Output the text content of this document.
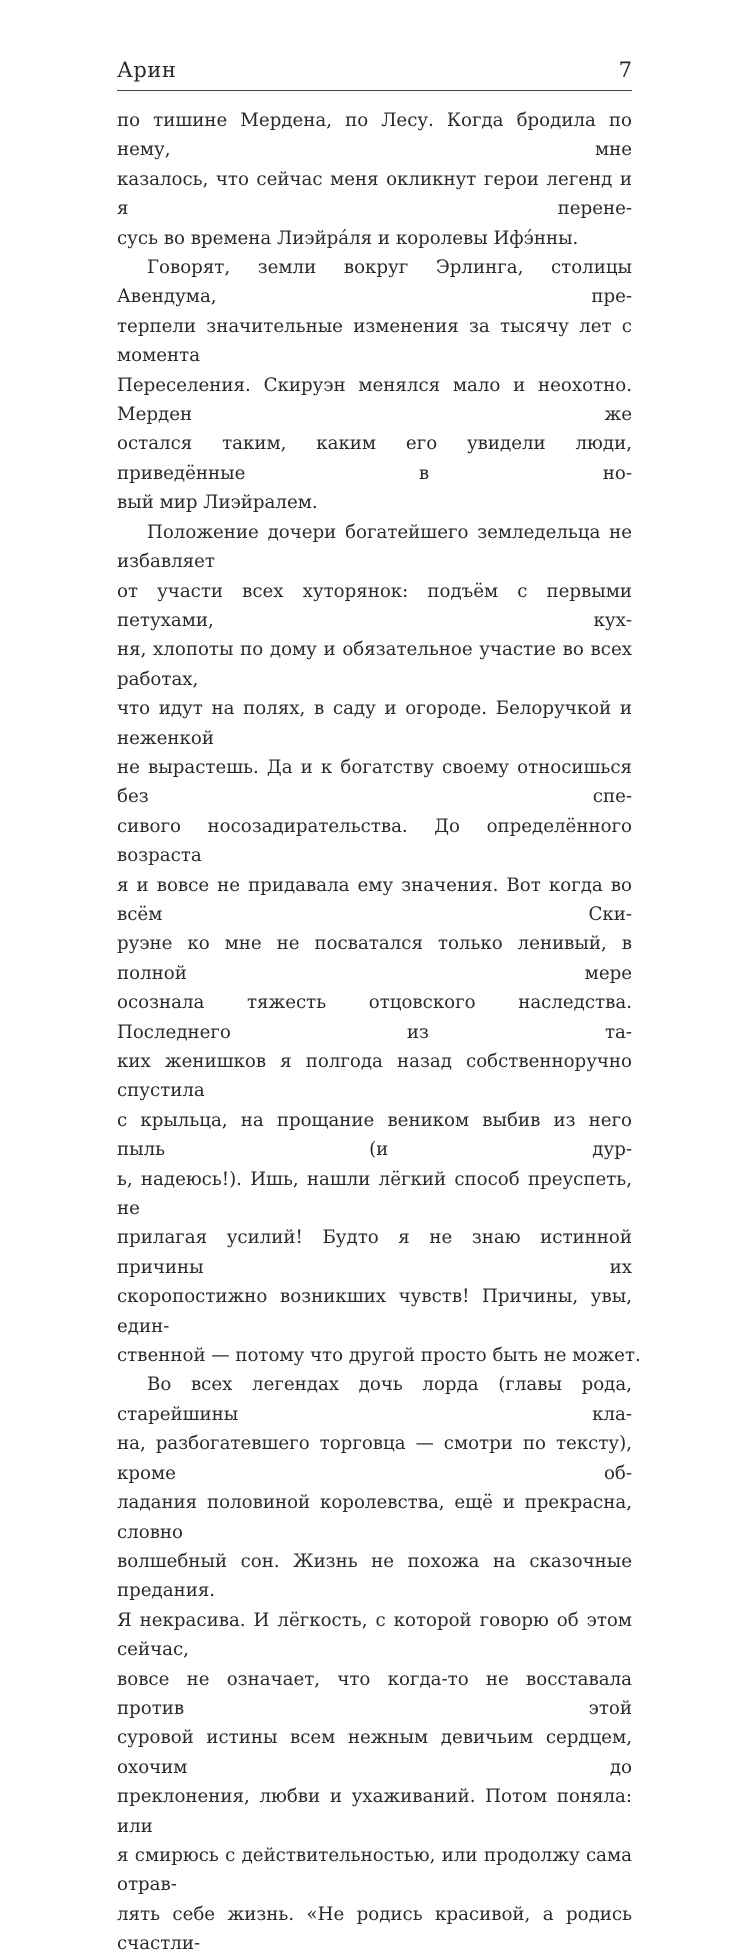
Арин	7
по тишине Мердена, по Лесу. Когда бродила по нему, мне
казалось, что сейчас меня окликнут герои легенд и я перене-
сусь во времена Лиэйра́ля и королевы Ифэ́нны.
Говорят, земли вокруг Эрлинга, столицы Авендума, пре-
терпели значительные изменения за тысячу лет с момента
Переселения. Скируэн менялся мало и неохотно. Мерден же
остался таким, каким его увидели люди, приведённые в но-
вый мир Лиэйралем.
Положение дочери богатейшего земледельца не избавляет
от участи всех хуторянок: подъём с первыми петухами, кух-
ня, хлопоты по дому и обязательное участие во всех работах,
что идут на полях, в саду и огороде. Белоручкой и неженкой
не вырастешь. Да и к богатству своему относишься без спе-
сивого носозадирательства. До определённого возраста
я и вовсе не придавала ему значения. Вот когда во всём Ски-
руэне ко мне не посватался только ленивый, в полной мере
осознала тяжесть отцовского наследства. Последнего из та-
ких женишков я полгода назад собственноручно спустила
с крыльца, на прощание веником выбив из него пыль (и дур-
ь, надеюсь!). Ишь, нашли лёгкий способ преуспеть, не
прилагая усилий! Будто я не знаю истинной причины их
скоропостижно возникших чувств! Причины, увы, един-
ственной — потому что другой просто быть не может.
Во всех легендах дочь лорда (главы рода, старейшины кла-
на, разбогатевшего торговца — смотри по тексту), кроме об-
ладания половиной королевства, ещё и прекрасна, словно
волшебный сон. Жизнь не похожа на сказочные предания.
Я некрасива. И лёгкость, с которой говорю об этом сейчас,
вовсе не означает, что когда-то не восставала против этой
суровой истины всем нежным девичьим сердцем, охочим до
преклонения, любви и ухаживаний. Потом поняла: или
я смирюсь с действительностью, или продолжу сама отрав-
лять себе жизнь. «Не родись красивой, а родись счастли-
